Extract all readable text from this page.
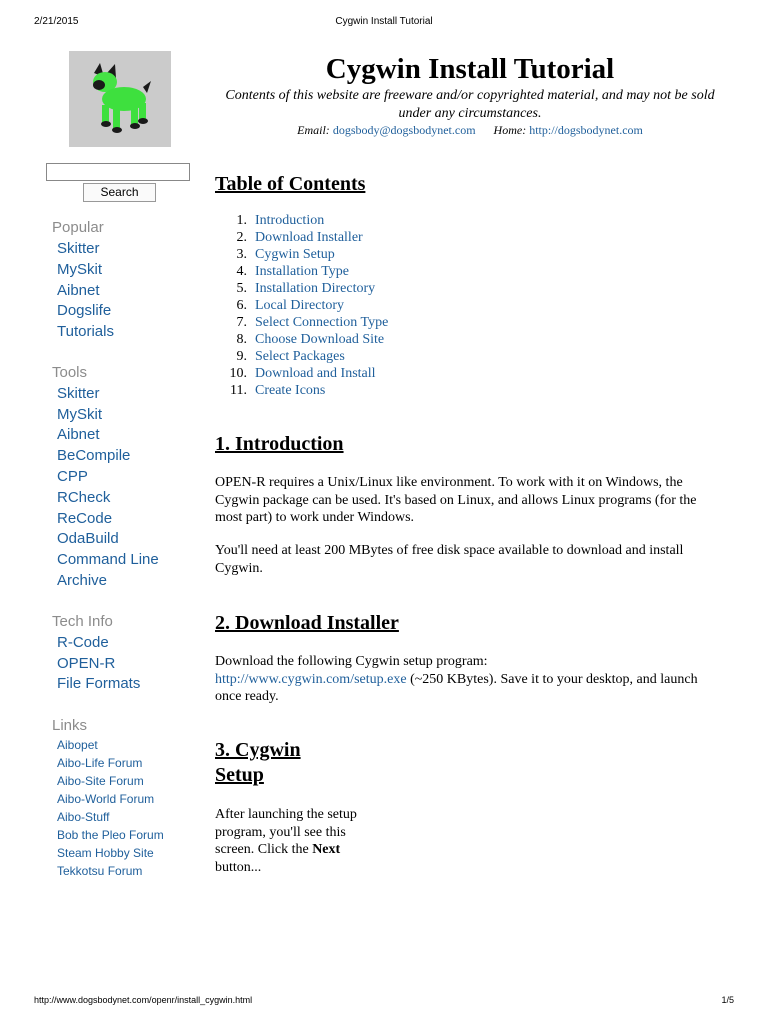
2/21/2015	Cygwin Install Tutorial
http://www.dogsbodynet.com/openr/install_cygwin.html	1/5
Search
Popular
Skitter
MySkit
Aibnet
Dogslife
Tutorials
Tools
Skitter
MySkit
Aibnet
BeCompile
CPP
RCheck
ReCode
OdaBuild
Command Line
Archive
Tech Info
R-Code
OPEN-R
File Formats
Links
Aibopet
Aibo-Life Forum
Aibo-Site Forum
Aibo-World Forum
Aibo-Stuff
Bob the Pleo Forum
Steam Hobby Site
Tekkotsu Forum
Cygwin Install Tutorial
Contents of this website are freeware and/or copyrighted material, and may not be sold under any circumstances.
Email: dogsbody@dogsbodynet.com Home: http://dogsbodynet.com
Table of Contents
1. Introduction
2. Download Installer
3. Cygwin Setup
4. Installation Type
5. Installation Directory
6. Local Directory
7. Select Connection Type
8. Choose Download Site
9. Select Packages
10. Download and Install
11. Create Icons
1. Introduction

OPEN-R requires a Unix/Linux like environment. To work with it on Windows, the Cygwin package can be used. It's based on Linux, and allows Linux programs (for the most part) to work under Windows.

You'll need at least 200 MBytes of free disk space available to download and install Cygwin.

2. Download Installer

Download the following Cygwin setup program:
http://www.cygwin.com/setup.exe (~250 KBytes). Save it to your desktop, and launch once ready.

3. Cygwin
Setup

After launching the setup program, you'll see this screen. Click the Next button...
